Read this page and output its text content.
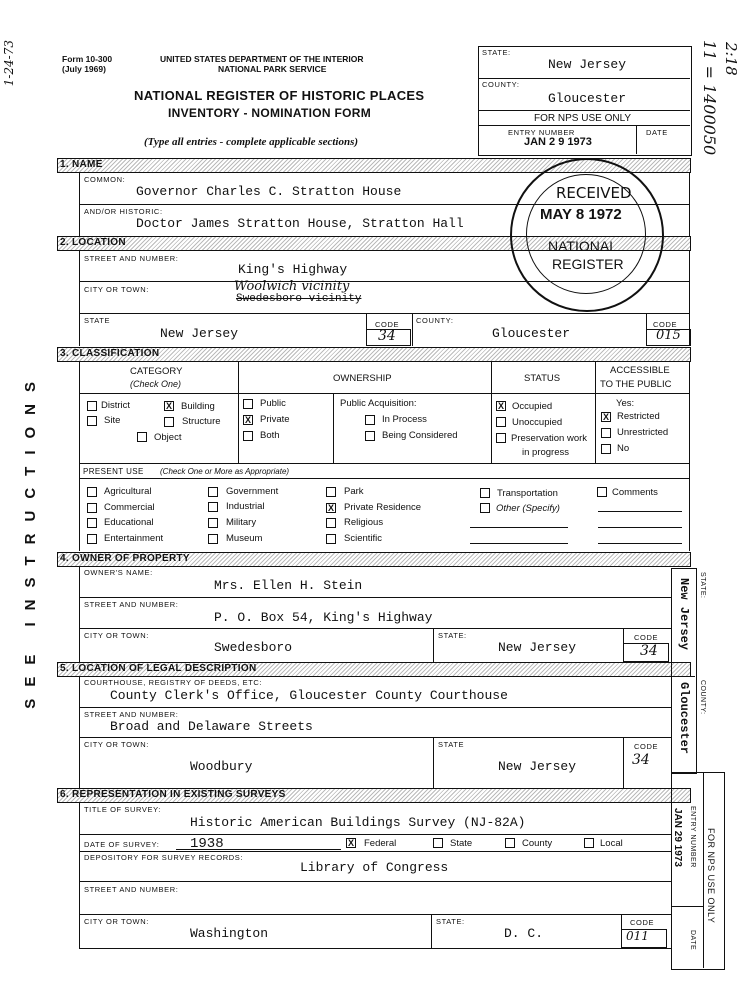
1-24-73
SEE INSTRUCTIONS
11 = 1400050 2:18
Form 10-300
(July 1969)
UNITED STATES DEPARTMENT OF THE INTERIOR
NATIONAL PARK SERVICE
NATIONAL REGISTER OF HISTORIC PLACES
INVENTORY - NOMINATION FORM
(Type all entries - complete applicable sections)
STATE:
New Jersey
COUNTY:
Gloucester
FOR NPS USE ONLY
ENTRY NUMBER	DATE
JAN 2 9 1973
1. NAME
COMMON:
Governor Charles C. Stratton House
AND/OR HISTORIC:
Doctor James Stratton House, Stratton Hall
2. LOCATION
STREET AND NUMBER:
King's Highway
CITY OR TOWN:	Woolwich vicinity
Swedesboro vicinity
STATE
New Jersey
CODE
34
COUNTY:
Gloucester
CODE
015
RECEIVED
MAY 8 1972
NATIONAL
REGISTER
3. CLASSIFICATION
CATEGORY
(Check One)	OWNERSHIP	STATUS
ACCESSIBLE
TO THE PUBLIC
District	X Building
Site	Structure
Object
Public
X Private
Both
Public Acquisition:
In Process
Being Considered
X Occupied
Unoccupied
Preservation work
in progress
Yes:
X Restricted
Unrestricted
No
PRESENT USE (Check One or More as Appropriate)
Agricultural	Government	Park	Transportation	Comments
Commercial	Industrial	X Private Residence	Other (Specify)
Educational	Military	Religious
Entertainment	Museum	Scientific
4. OWNER OF PROPERTY
OWNER'S NAME:
Mrs. Ellen H. Stein
STREET AND NUMBER:
P. O. Box 54, King's Highway
CITY OR TOWN:
Swedesboro
STATE:
New Jersey
CODE
34
5. LOCATION OF LEGAL DESCRIPTION
COURTHOUSE, REGISTRY OF DEEDS, ETC:
County Clerk's Office, Gloucester County Courthouse
STREET AND NUMBER:
Broad and Delaware Streets
CITY OR TOWN:
Woodbury
STATE
New Jersey
CODE
34
STATE:
New Jersey
COUNTY:
Gloucester
6. REPRESENTATION IN EXISTING SURVEYS
TITLE OF SURVEY:
Historic American Buildings Survey (NJ-82A)
DATE OF SURVEY: 1938	X Federal	State	County	Local
DEPOSITORY FOR SURVEY RECORDS:
Library of Congress
STREET AND NUMBER:
CITY OR TOWN:
Washington
STATE:
D. C.
CODE
011
FOR NPS USE ONLY
ENTRY NUMBER
JAN 29 1973
DATE
